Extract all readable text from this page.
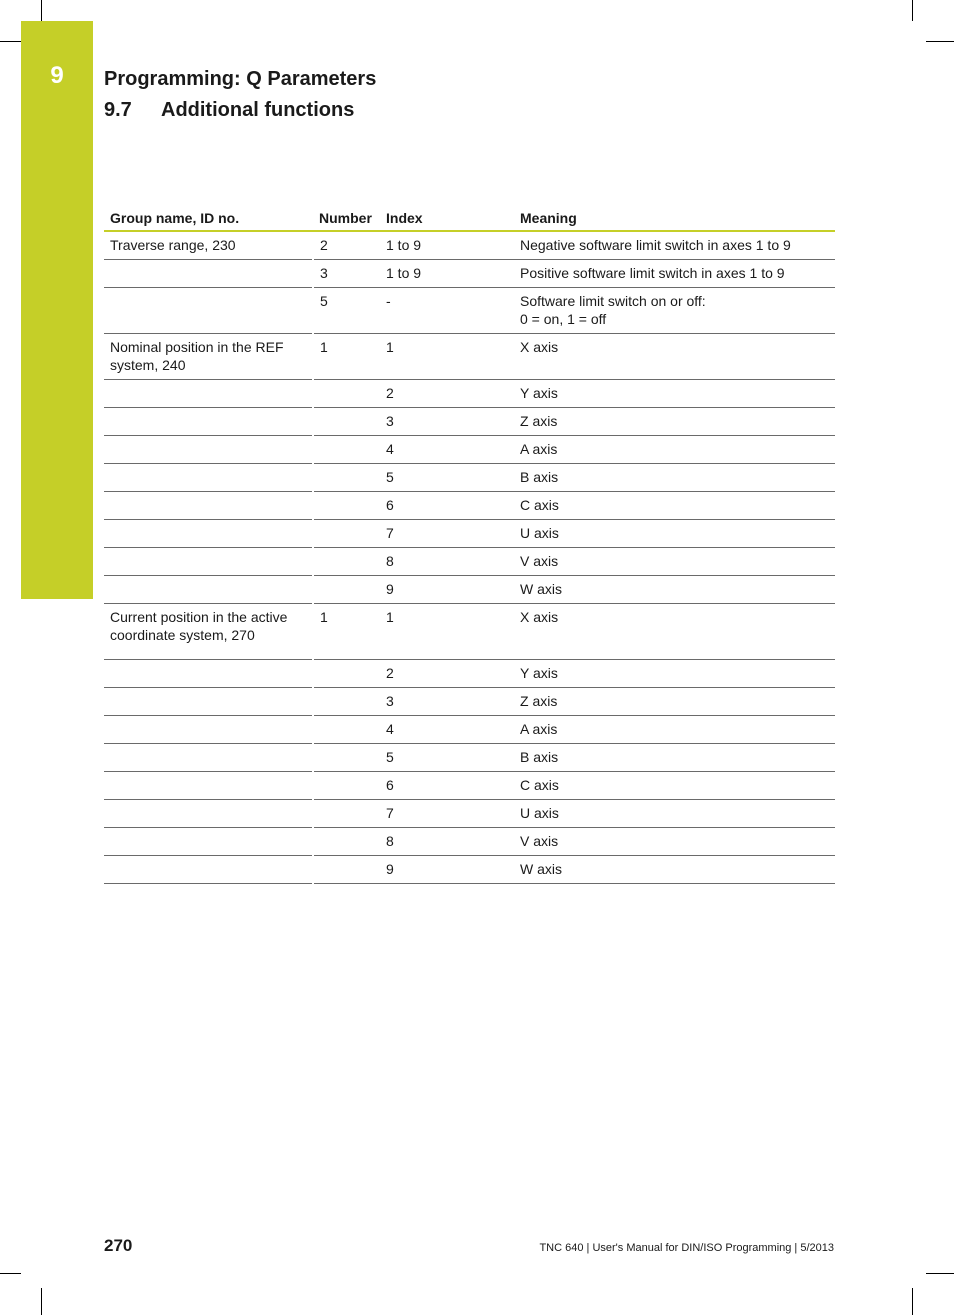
9	Programming: Q Parameters
9.7 Additional functions
Group name, ID no.	Number	Index	Meaning
Traverse range, 230	2	1 to 9	Negative software limit switch in axes 1 to 9
	3	1 to 9	Positive software limit switch in axes 1 to 9
	5	-	Software limit switch on or off:
0 = on, 1 = off
Nominal position in the REF system, 240	1	1	X axis
		2	Y axis
		3	Z axis
		4	A axis
		5	B axis
		6	C axis
		7	U axis
		8	V axis
		9	W axis
Current position in the active coordinate system, 270	1	1	X axis
		2	Y axis
		3	Z axis
		4	A axis
		5	B axis
		6	C axis
		7	U axis
		8	V axis
		9	W axis
270	TNC 640 | User's Manual for DIN/ISO Programming | 5/2013
